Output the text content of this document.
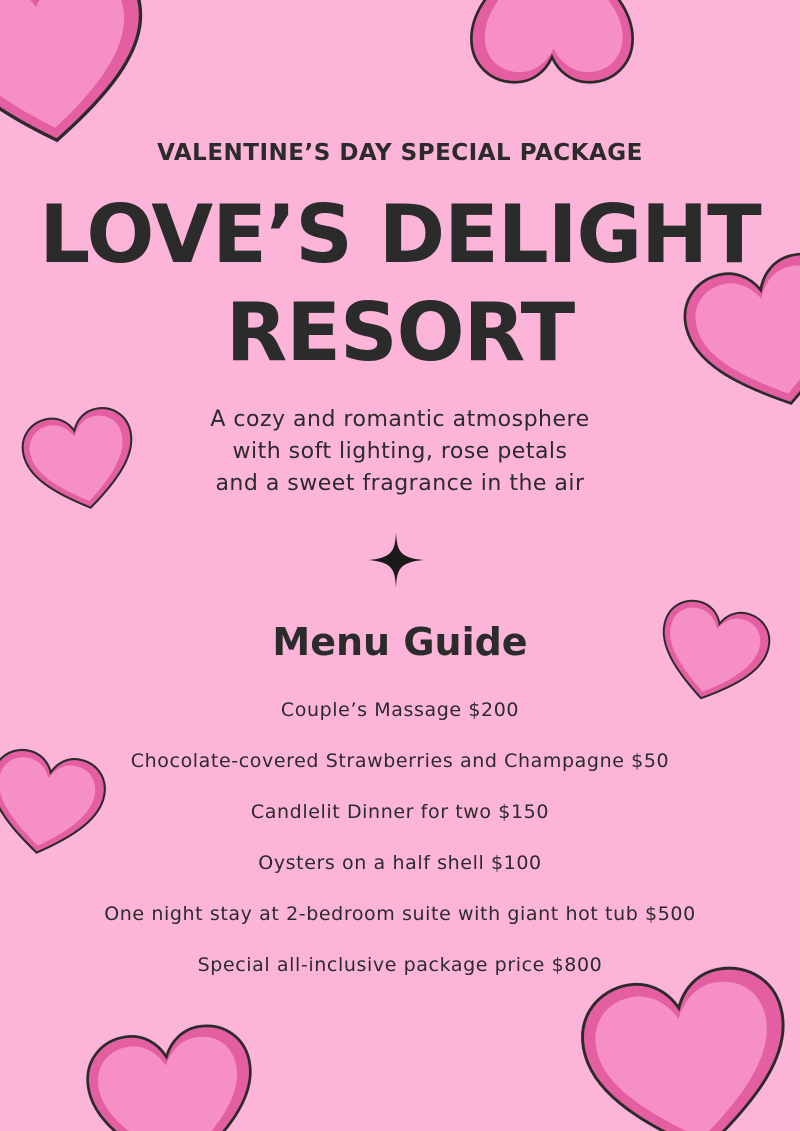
VALENTINE’S DAY SPECIAL PACKAGE
LOVE’S DELIGHT
RESORT
A cozy and romantic atmosphere
with soft lighting, rose petals
and a sweet fragrance in the air
Menu Guide
Couple’s Massage $200
Chocolate-covered Strawberries and Champagne $50
Candlelit Dinner for two $150
Oysters on a half shell $100
One night stay at 2-bedroom suite with giant hot tub $500
Special all-inclusive package price $800
